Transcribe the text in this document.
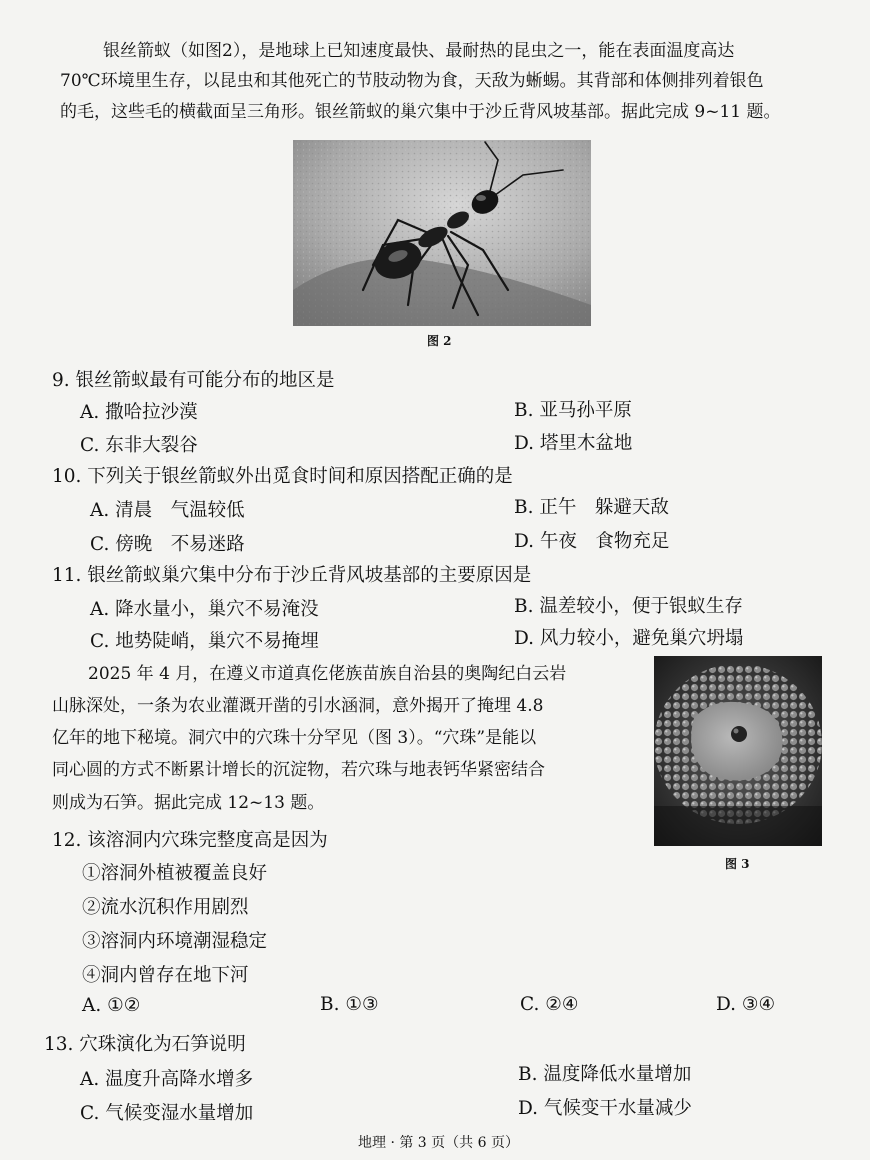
银丝箭蚁（如图2），是地球上已知速度最快、最耐热的昆虫之一，能在表面温度高达
70℃环境里生存，以昆虫和其他死亡的节肢动物为食，天敌为蜥蜴。其背部和体侧排列着银色
的毛，这些毛的横截面呈三角形。银丝箭蚁的巢穴集中于沙丘背风坡基部。据此完成 9~11 题。
图 2
9. 银丝箭蚁最有可能分布的地区是
A. 撒哈拉沙漠	B. 亚马孙平原
C. 东非大裂谷	D. 塔里木盆地
10. 下列关于银丝箭蚁外出觅食时间和原因搭配正确的是
A. 清晨　气温较低	B. 正午　躲避天敌
C. 傍晚　不易迷路	D. 午夜　食物充足
11. 银丝箭蚁巢穴集中分布于沙丘背风坡基部的主要原因是
A. 降水量小，巢穴不易淹没	B. 温差较小，便于银蚁生存
C. 地势陡峭，巢穴不易掩埋	D. 风力较小，避免巢穴坍塌
2025 年 4 月，在遵义市道真仡佬族苗族自治县的奥陶纪白云岩
山脉深处，一条为农业灌溉开凿的引水涵洞，意外揭开了掩埋 4.8
亿年的地下秘境。洞穴中的穴珠十分罕见（图 3）。“穴珠”是能以
同心圆的方式不断累计增长的沉淀物，若穴珠与地表钙华紧密结合
则成为石笋。据此完成 12~13 题。
图 3
12. 该溶洞内穴珠完整度高是因为
①溶洞外植被覆盖良好
②流水沉积作用剧烈
③溶洞内环境潮湿稳定
④洞内曾存在地下河
A. ①②	B. ①③	C. ②④	D. ③④
13. 穴珠演化为石笋说明
A. 温度升高降水增多	B. 温度降低水量增加
C. 气候变湿水量增加	D. 气候变干水量减少
地理 · 第 3 页（共 6 页）
